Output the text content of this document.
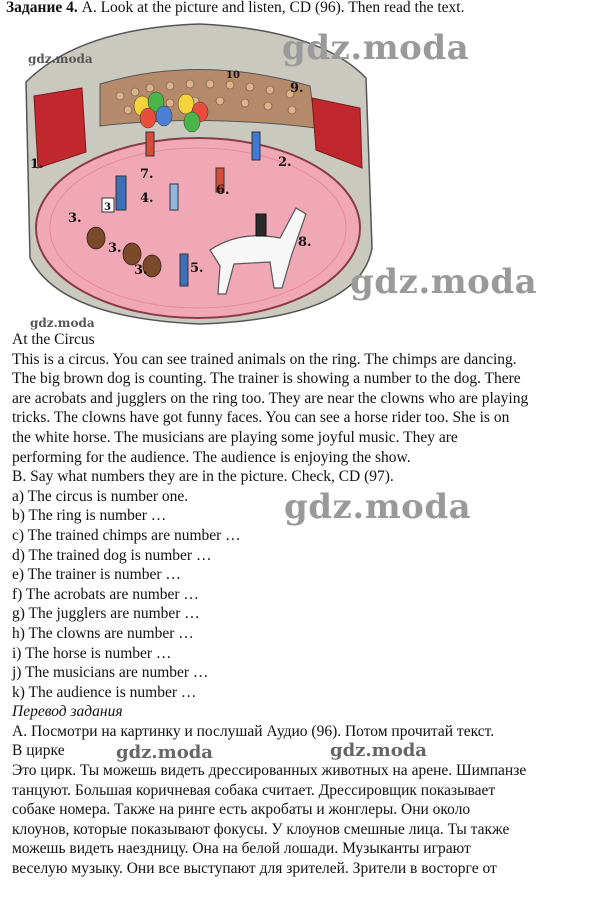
Задание 4. A. Look at the picture and listen, CD (96). Then read the text.
1.	2.
3.
3.
3.
4.
5.
6.
7.
8.
9.
10
3
gdz.moda	gdz.moda
gdz.moda
gdz.moda
gdz.moda
gdz.moda	gdz.moda
At the Circus
This is a circus. You can see trained animals on the ring. The chimps are dancing.
The big brown dog is counting. The trainer is showing a number to the dog. There
are acrobats and jugglers on the ring too. They are near the clowns who are playing
tricks. The clowns have got funny faces. You can see a horse rider too. She is on
the white horse. The musicians are playing some joyful music. They are
performing for the audience. The audience is enjoying the show.
B. Say what numbers they are in the picture. Check, CD (97).
a) The circus is number one.
b) The ring is number …
c) The trained chimps are number …
d) The trained dog is number …
e) The trainer is number …
f) The acrobats are number …
g) The jugglers are number …
h) The clowns are number …
i) The horse is number …
j) The musicians are number …
k) The audience is number …
Перевод задания
A. Посмотри на картинку и послушай Аудио (96). Потом прочитай текст.
В цирке
Это цирк. Ты можешь видеть дрессированных животных на арене. Шимпанзе
танцуют. Большая коричневая собака считает. Дрессировщик показывает
собаке номера. Также на ринге есть акробаты и жонглеры. Они около
клоунов, которые показывают фокусы. У клоунов смешные лица. Ты также
можешь видеть наездницу. Она на белой лошади. Музыканты играют
веселую музыку. Они все выступают для зрителей. Зрители в восторге от
